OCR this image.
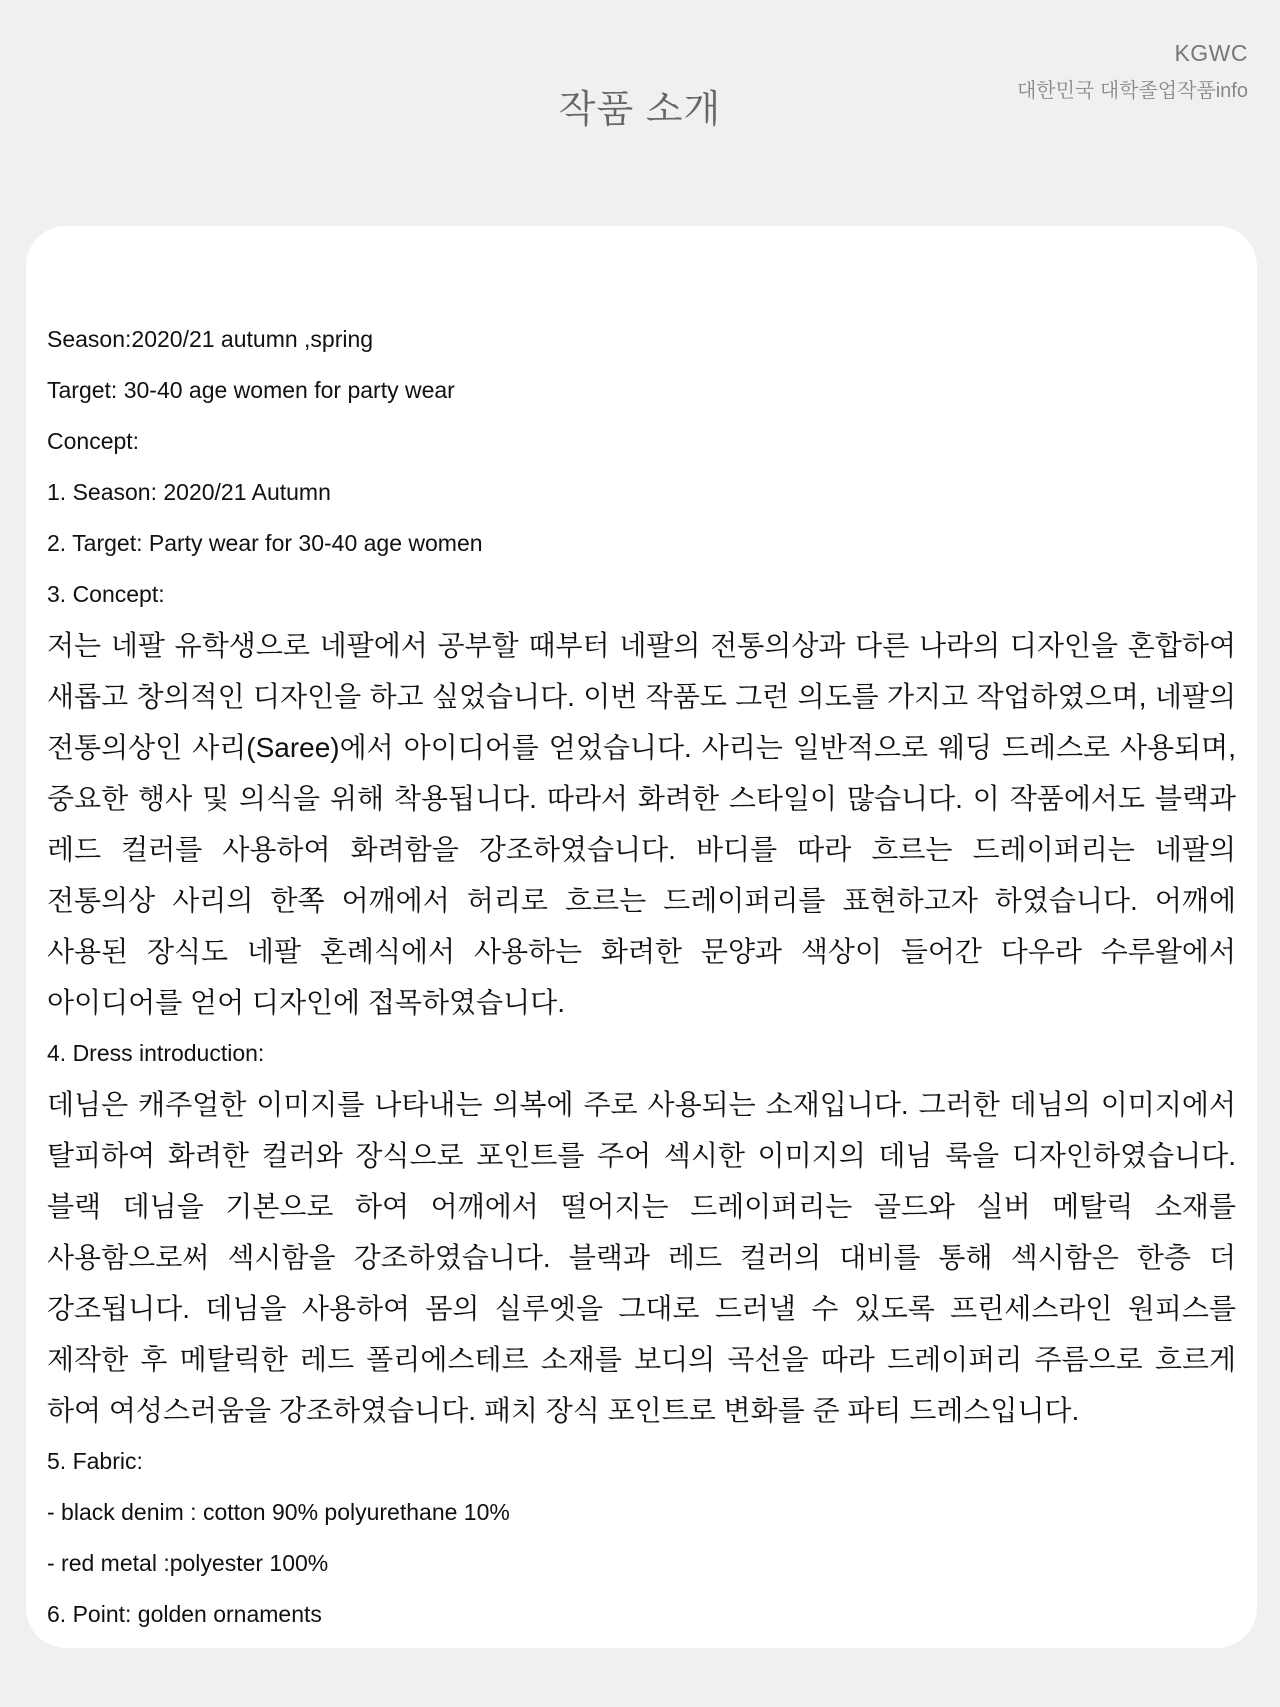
KGWC
대한민국 대학졸업작품info
작품 소개
Season:2020/21 autumn ,spring
Target: 30-40 age women for party wear
Concept:
1. Season: 2020/21 Autumn
2. Target: Party wear for 30-40 age women
3. Concept:
저는 네팔 유학생으로 네팔에서 공부할 때부터 네팔의 전통의상과 다른 나라의 디자인을 혼합하여 새롭고 창의적인 디자인을 하고 싶었습니다. 이번 작품도 그런 의도를 가지고 작업하였으며, 네팔의 전통의상인 사리(Saree)에서 아이디어를 얻었습니다. 사리는 일반적으로 웨딩 드레스로 사용되며, 중요한 행사 및 의식을 위해 착용됩니다. 따라서 화려한 스타일이 많습니다. 이 작품에서도 블랙과 레드 컬러를 사용하여 화려함을 강조하였습니다. 바디를 따라 흐르는 드레이퍼리는 네팔의 전통의상 사리의 한쪽 어깨에서 허리로 흐르는 드레이퍼리를 표현하고자 하였습니다. 어깨에 사용된 장식도 네팔 혼례식에서 사용하는 화려한 문양과 색상이 들어간 다우라 수루왈에서 아이디어를 얻어 디자인에 접목하였습니다.
4. Dress introduction:
데님은 캐주얼한 이미지를 나타내는 의복에 주로 사용되는 소재입니다. 그러한 데님의 이미지에서 탈피하여 화려한 컬러와 장식으로 포인트를 주어 섹시한 이미지의 데님 룩을 디자인하였습니다. 블랙 데님을 기본으로 하여 어깨에서 떨어지는 드레이퍼리는 골드와 실버 메탈릭 소재를 사용함으로써 섹시함을 강조하였습니다. 블랙과 레드 컬러의 대비를 통해 섹시함은 한층 더 강조됩니다. 데님을 사용하여 몸의 실루엣을 그대로 드러낼 수 있도록 프린세스라인 원피스를 제작한 후 메탈릭한 레드 폴리에스테르 소재를 보디의 곡선을 따라 드레이퍼리 주름으로 흐르게 하여 여성스러움을 강조하였습니다. 패치 장식 포인트로 변화를 준 파티 드레스입니다.
5. Fabric:
- black denim : cotton 90% polyurethane 10%
- red metal :polyester 100%
6. Point: golden ornaments
